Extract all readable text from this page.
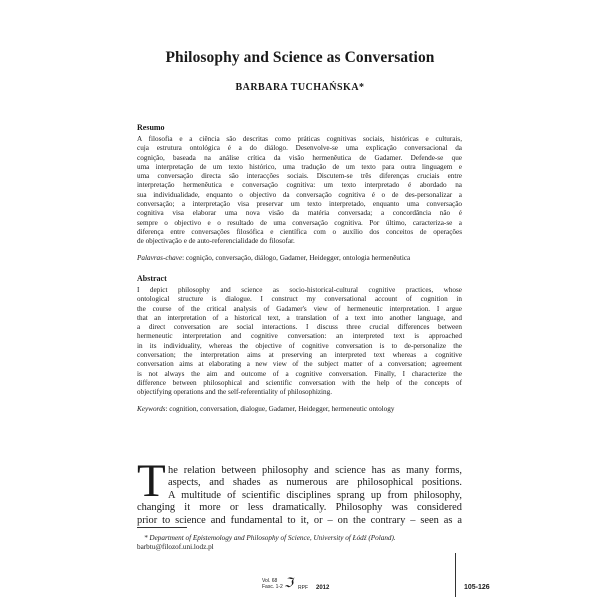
Philosophy and Science as Conversation
BARBARA TUCHAŃSKA*
Resumo
A filosofia e a ciência são descritas como práticas cognitivas sociais, históricas e culturais,
cuja estrutura ontológica é a do diálogo. Desenvolve-se uma explicação conversacional da
cognição, baseada na análise crítica da visão hermenêutica de Gadamer. Defende-se que
uma interpretação de um texto histórico, uma tradução de um texto para outra linguagem e
uma conversação directa são interacções sociais. Discutem-se três diferenças cruciais entre
interpretação hermenêutica e conversação cognitiva: um texto interpretado é abordado na
sua individualidade, enquanto o objectivo da conversação cognitiva é o de des-personalizar a
conversação; a interpretação visa preservar um texto interpretado, enquanto uma conversação
cognitiva visa elaborar uma nova visão da matéria conversada; a concordância não é
sempre o objectivo e o resultado de uma conversação cognitiva. Por último, caracteriza-se a
diferença entre conversações filosófica e científica com o auxílio dos conceitos de operações
de objectivação e de auto-referencialidade do filosofar.
Palavras-chave: cognição, conversação, diálogo, Gadamer, Heidegger, ontologia hermenêutica
Abstract
I depict philosophy and science as socio-historical-cultural cognitive practices, whose
ontological structure is dialogue. I construct my conversational account of cognition in
the course of the critical analysis of Gadamer's view of hermeneutic interpretation. I argue
that an interpretation of a historical text, a translation of a text into another language, and
a direct conversation are social interactions. I discuss three crucial differences between
hermeneutic interpretation and cognitive conversation: an interpreted text is approached
in its individuality, whereas the objective of cognitive conversation is to de-personalize the
conversation; the interpretation aims at preserving an interpreted text whereas a cognitive
conversation aims at elaborating a new view of the subject matter of a conversation; agreement
is not always the aim and outcome of a cognitive conversation. Finally, I characterize the
difference between philosophical and scientific conversation with the help of the concepts of
objectifying operations and the self-referentiality of philosophizing.
Keywords: cognition, conversation, dialogue, Gadamer, Heidegger, hermeneutic ontology
T he relation between philosophy and science has as many forms,
aspects, and shades as numerous are philosophical positions.
A multitude of scientific disciplines sprang up from philosophy,
changing it more or less dramatically. Philosophy was considered
prior to science and fundamental to it, or – on the contrary – seen as a
* Department of Epistemology and Philosophy of Science, University of Łódź (Poland).
barbtu@filozof.uni.lodz.pl
Vol. 68
Fasc. 1-2 ℑ RPF 2012	105-126
